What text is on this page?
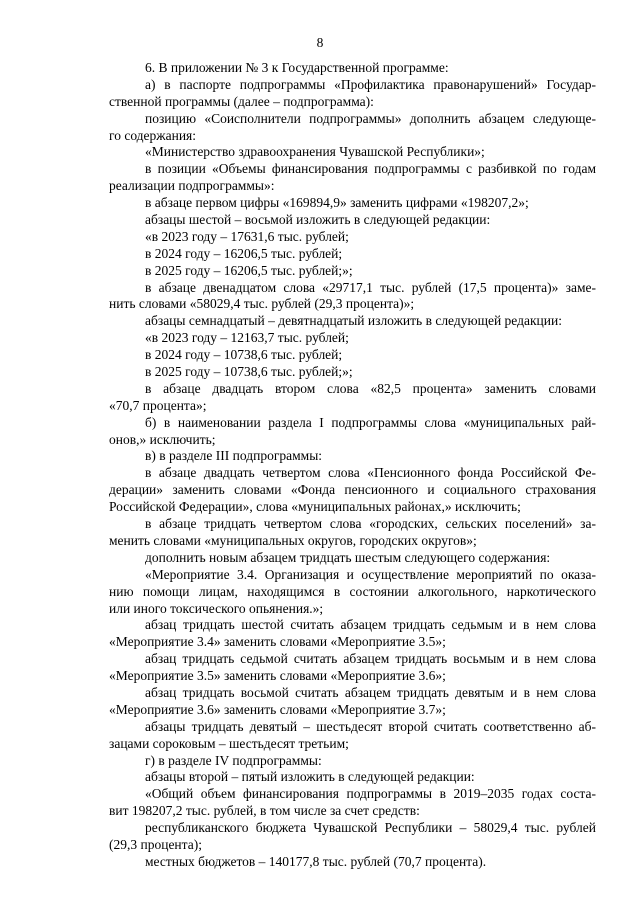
8
6. В приложении № 3 к Государственной программе:
а) в паспорте подпрограммы «Профилактика правонарушений» Государ-
ственной программы (далее – подпрограмма):
позицию «Соисполнители подпрограммы» дополнить абзацем следующе-
го содержания:
«Министерство здравоохранения Чувашской Республики»;
в позиции «Объемы финансирования подпрограммы с разбивкой по годам
реализации подпрограммы»:
в абзаце первом цифры «169894,9» заменить цифрами «198207,2»;
абзацы шестой – восьмой изложить в следующей редакции:
«в 2023 году – 17631,6 тыс. рублей;
в 2024 году – 16206,5 тыс. рублей;
в 2025 году – 16206,5 тыс. рублей;»;
в абзаце двенадцатом слова «29717,1 тыс. рублей (17,5 процента)» заме-
нить словами «58029,4 тыс. рублей (29,3 процента)»;
абзацы семнадцатый – девятнадцатый изложить в следующей редакции:
«в 2023 году – 12163,7 тыс. рублей;
в 2024 году – 10738,6 тыс. рублей;
в 2025 году – 10738,6 тыс. рублей;»;
в абзаце двадцать втором слова «82,5 процента» заменить словами
«70,7 процента»;
б) в наименовании раздела I подпрограммы слова «муниципальных рай-
онов,» исключить;
в) в разделе III подпрограммы:
в абзаце двадцать четвертом слова «Пенсионного фонда Российской Фе-
дерации» заменить словами «Фонда пенсионного и социального страхования
Российской Федерации», слова «муниципальных районах,» исключить;
в абзаце тридцать четвертом слова «городских, сельских поселений» за-
менить словами «муниципальных округов, городских округов»;
дополнить новым абзацем тридцать шестым следующего содержания:
«Мероприятие 3.4. Организация и осуществление мероприятий по оказа-
нию помощи лицам, находящимся в состоянии алкогольного, наркотического
или иного токсического опьянения.»;
абзац тридцать шестой считать абзацем тридцать седьмым и в нем слова
«Мероприятие 3.4» заменить словами «Мероприятие 3.5»;
абзац тридцать седьмой считать абзацем тридцать восьмым и в нем слова
«Мероприятие 3.5» заменить словами «Мероприятие 3.6»;
абзац тридцать восьмой считать абзацем тридцать девятым и в нем слова
«Мероприятие 3.6» заменить словами «Мероприятие 3.7»;
абзацы тридцать девятый – шестьдесят второй считать соответственно аб-
зацами сороковым – шестьдесят третьим;
г) в разделе IV подпрограммы:
абзацы второй – пятый изложить в следующей редакции:
«Общий объем финансирования подпрограммы в 2019–2035 годах соста-
вит 198207,2 тыс. рублей, в том числе за счет средств:
республиканского бюджета Чувашской Республики – 58029,4 тыс. рублей
(29,3 процента);
местных бюджетов – 140177,8 тыс. рублей (70,7 процента).
